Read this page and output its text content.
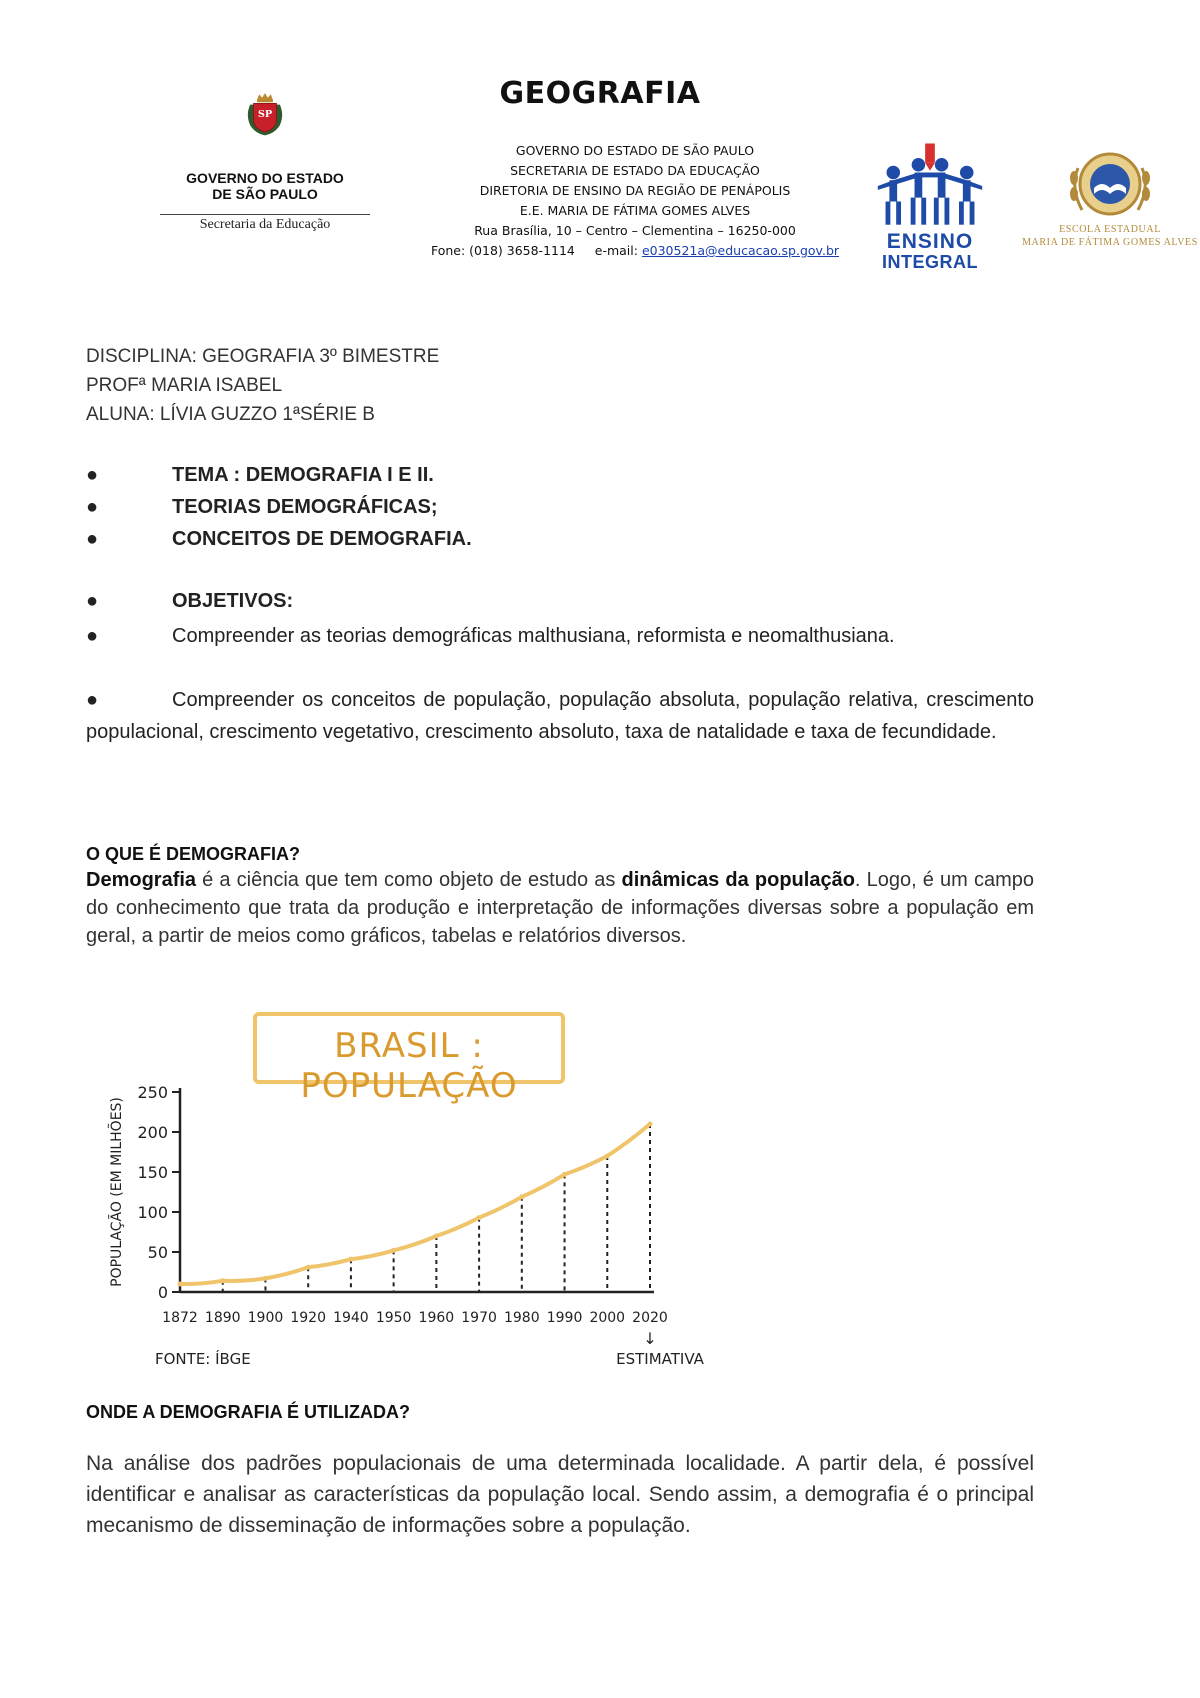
GEOGRAFIA
GOVERNO DO ESTADO DE SÃO PAULO
SECRETARIA DE ESTADO DA EDUCAÇÃO
DIRETORIA DE ENSINO DA REGIÃO DE PENÁPOLIS
E.E. MARIA DE FÁTIMA GOMES ALVES
Rua Brasília, 10 – Centro – Clementina – 16250-000
Fone: (018) 3658-1114 e-mail: e030521a@educacao.sp.gov.br
SP
GOVERNO DO ESTADO
DE SÃO PAULO
Secretaria da Educação
ENSINO
INTEGRAL
ESCOLA ESTADUAL
MARIA DE FÁTIMA GOMES ALVES
DISCIPLINA: GEOGRAFIA 3º BIMESTRE
PROFª MARIA ISABEL
ALUNA: LÍVIA GUZZO 1ªSÉRIE B
●	TEMA : DEMOGRAFIA I E II.
●	TEORIAS DEMOGRÁFICAS;
●	CONCEITOS DE DEMOGRAFIA.
●	OBJETIVOS:
●	Compreender as teorias demográficas malthusiana, reformista e neomalthusiana.
●	Compreender os conceitos de população, população absoluta, população relativa, crescimento populacional, crescimento vegetativo, crescimento absoluto, taxa de natalidade e taxa de fecundidade.
O QUE É DEMOGRAFIA?
Demografia é a ciência que tem como objeto de estudo as dinâmicas da população. Logo, é um campo do conhecimento que trata da produção e interpretação de informações diversas sobre a população em geral, a partir de meios como gráficos, tabelas e relatórios diversos.
BRASIL : POPULAÇÃO
0
50
100
150
200
250
POPULAÇÃO (EM MILHÕES)
1872 1890 1900 1920 1940 1950 1960 1970 1980 1990 2000 2020
FONTE: ÍBGE
↓
ESTIMATIVA
ONDE A DEMOGRAFIA É UTILIZADA?
Na análise dos padrões populacionais de uma determinada localidade. A partir dela, é possível identificar e analisar as características da população local. Sendo assim, a demografia é o principal mecanismo de disseminação de informações sobre a população.
